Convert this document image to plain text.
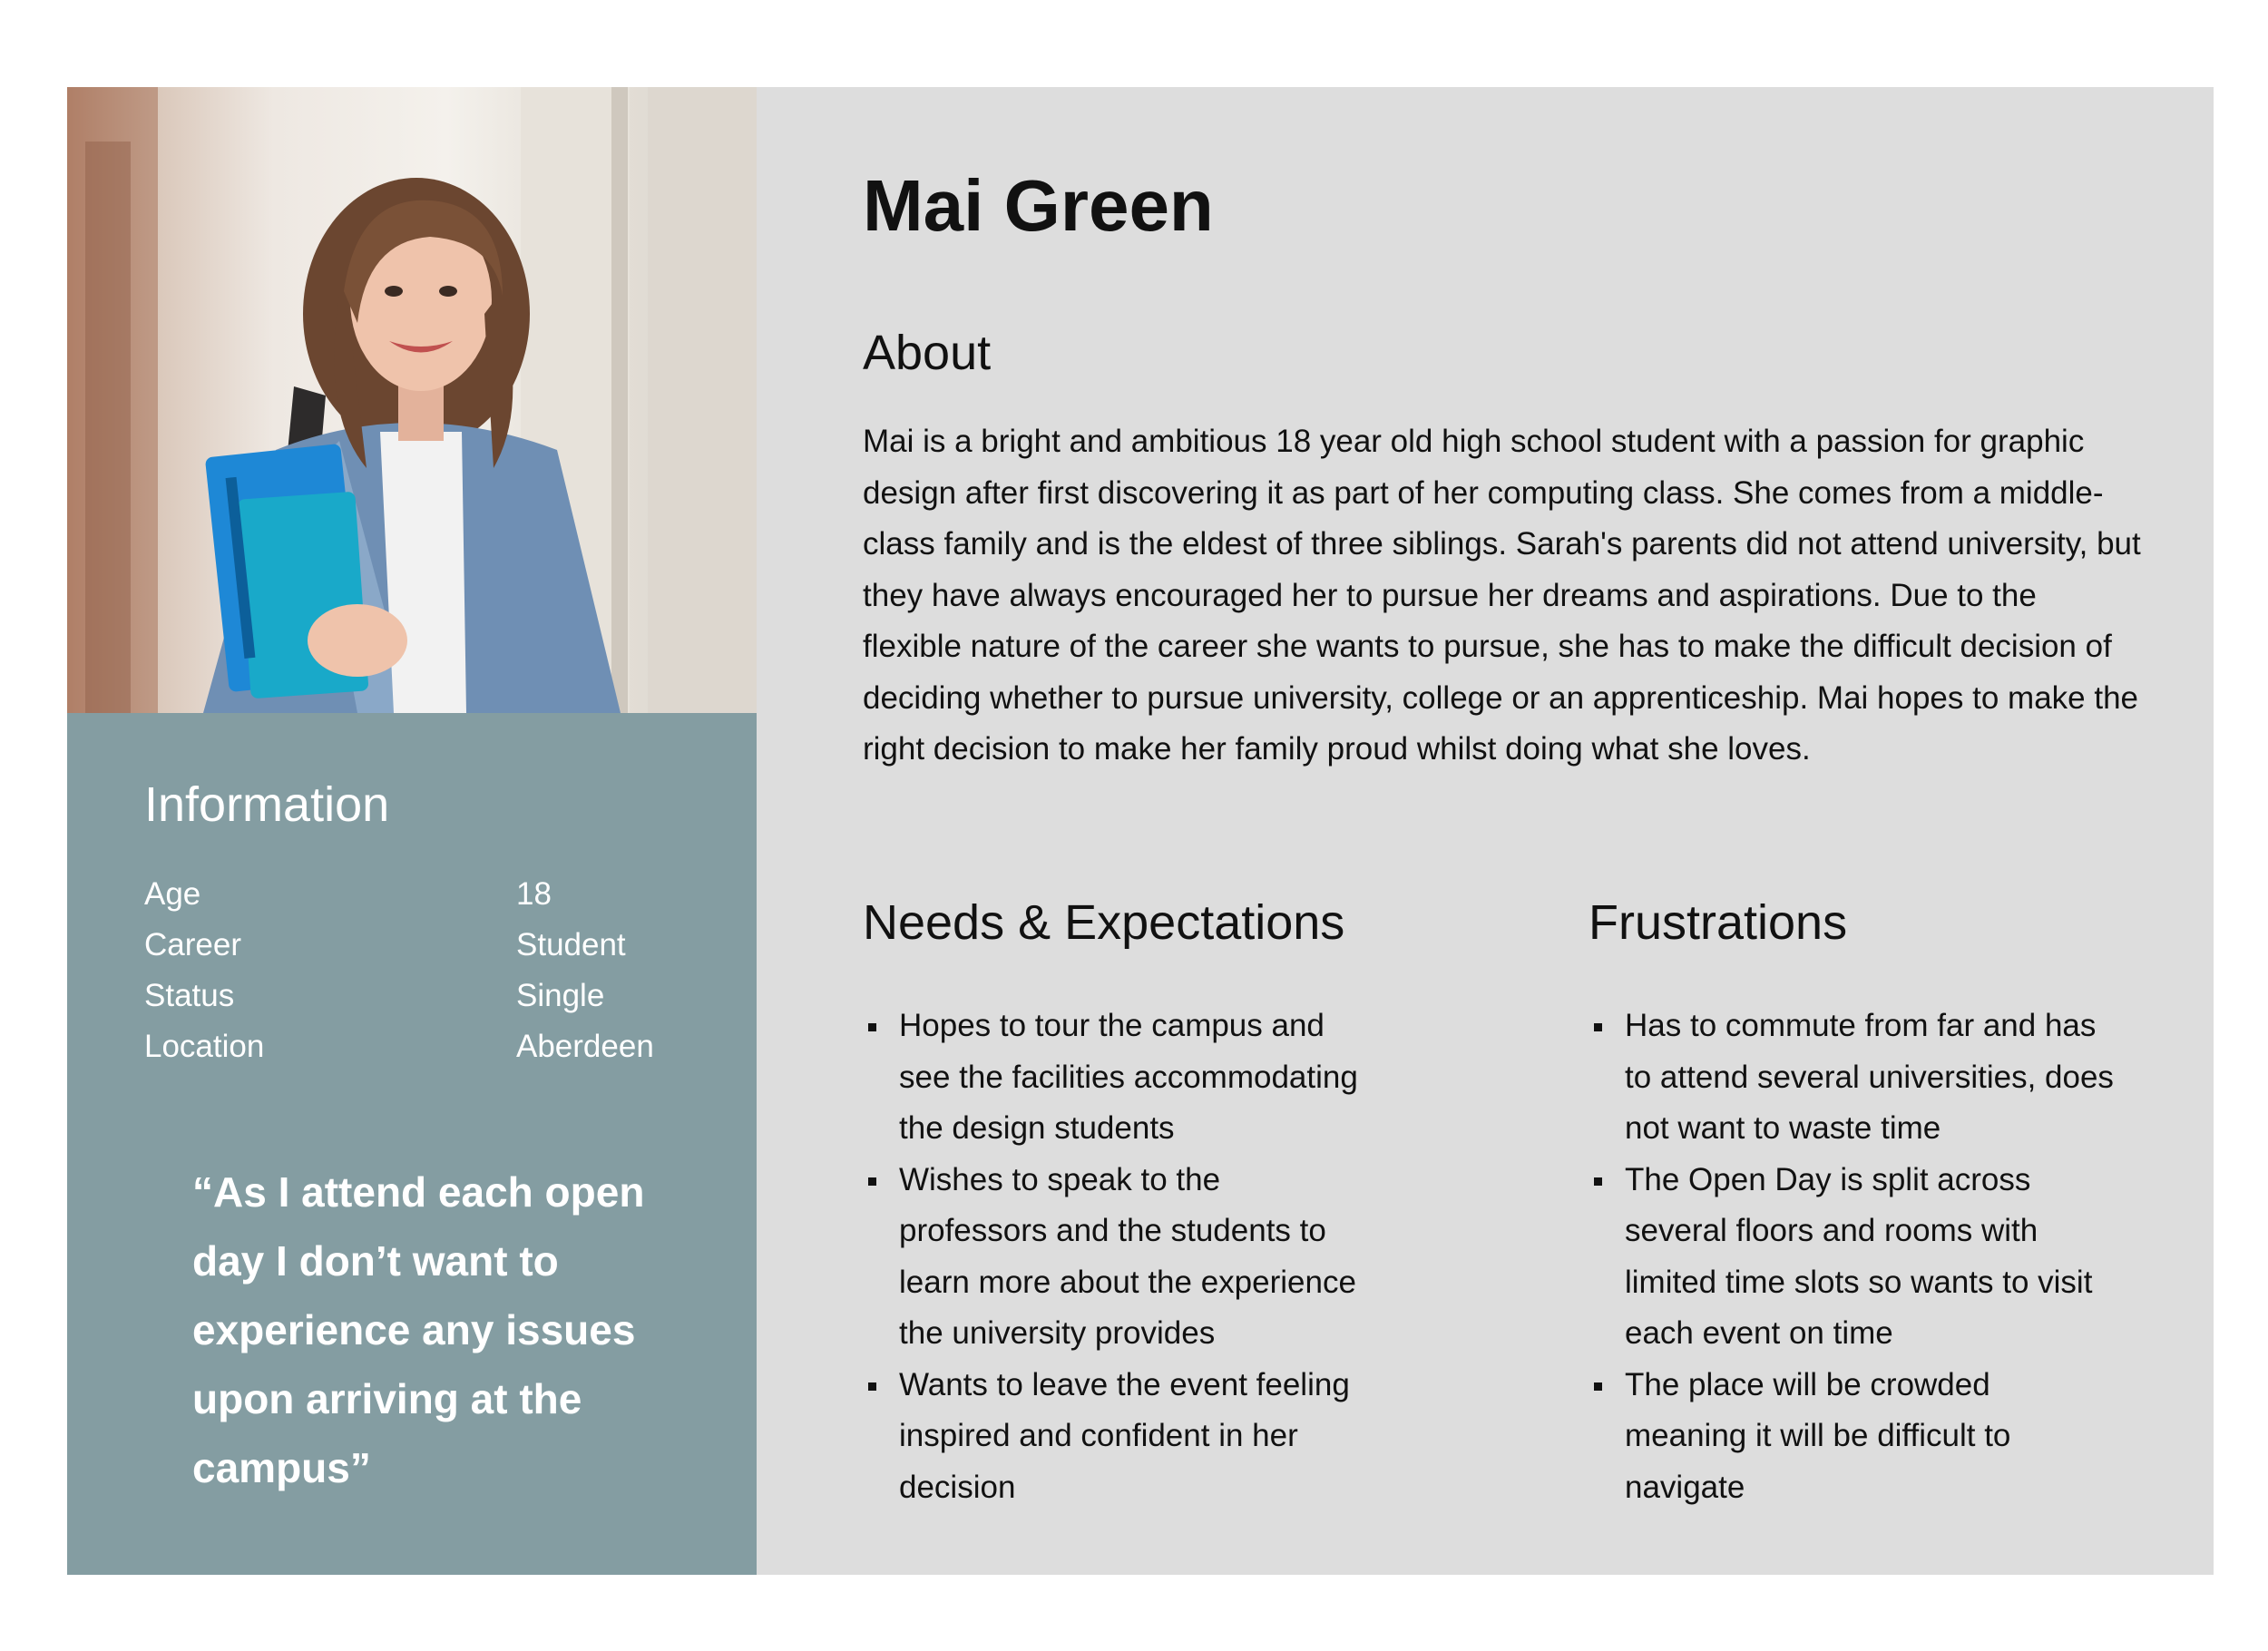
Information
Age	18
Career	Student
Status	Single
Location	Aberdeen
“As I attend each open day I don’t want to experience any issues upon arriving at the campus”
Mai Green
About

Mai is a bright and ambitious 18 year old high school student with a passion for graphic design after first discovering it as part of her computing class. She comes from a middle-class family and is the eldest of three siblings. Sarah's parents did not attend university, but they have always encouraged her to pursue her dreams and aspirations. Due to the flexible nature of the career she wants to pursue, she has to make the difficult decision of deciding whether to pursue university, college or an apprenticeship. Mai hopes to make the right decision to make her family proud whilst doing what she loves.

Needs & Expectations
Hopes to tour the campus and see the facilities accommodating the design students
Wishes to speak to the professors and the students to learn more about the experience the university provides
Wants to leave the event feeling inspired and confident in her decision
Frustrations
Has to commute from far and has to attend several universities, does not want to waste time
The Open Day is split across several floors and rooms with limited time slots so wants to visit each event on time
The place will be crowded meaning it will be difficult to navigate
